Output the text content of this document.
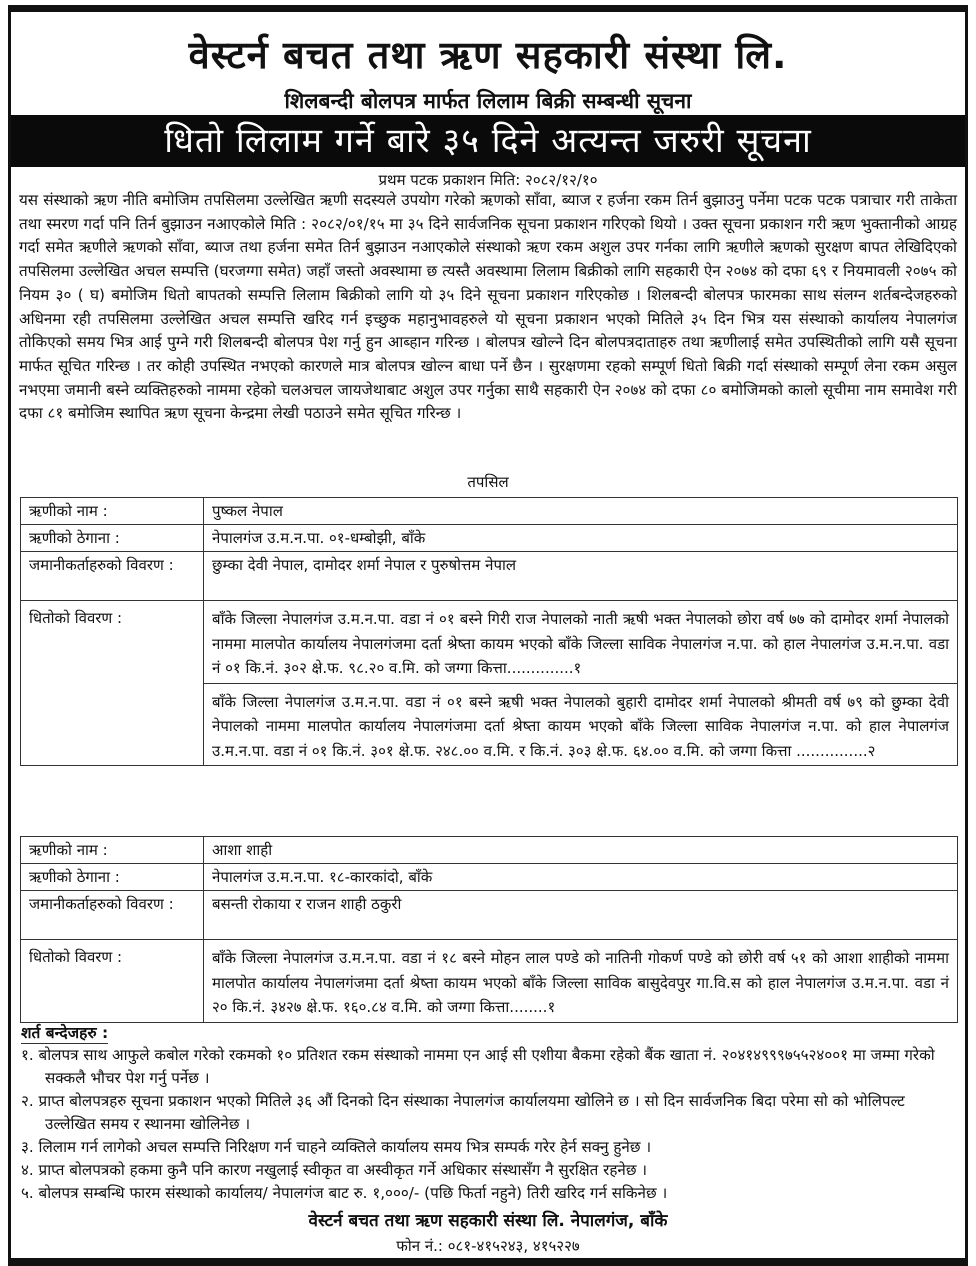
वेस्टर्न बचत तथा ऋण सहकारी संस्था लि.
शिलबन्दी बोलपत्र मार्फत लिलाम बिक्री सम्बन्धी सूचना
धितो लिलाम गर्ने बारे ३५ दिने अत्यन्त जरुरी सूचना
प्रथम पटक प्रकाशन मिति: २०८२/१२/१०
यस संस्थाको ऋण नीति बमोजिम तपसिलमा उल्लेखित ऋणी सदस्यले उपयोग गरेको ऋणको साँवा, ब्याज र हर्जना रकम तिर्न बुझाउनु पर्नेमा पटक पटक पत्राचार गरी ताकेता तथा स्मरण गर्दा पनि तिर्न बुझाउन नआएकोले मिति : २०८२/०१/१५ मा ३५ दिने सार्वजनिक सूचना प्रकाशन गरिएको थियो । उक्त सूचना प्रकाशन गरी ऋण भुक्तानीको आग्रह गर्दा समेत ऋणीले ऋणको साँवा, ब्याज तथा हर्जना समेत तिर्न बुझाउन नआएकोले संस्थाको ऋण रकम अशुल उपर गर्नका लागि ऋणीले ऋणको सुरक्षण बापत लेखिदिएको तपसिलमा उल्लेखित अचल सम्पत्ति (घरजग्गा समेत) जहाँ जस्तो अवस्थामा छ त्यस्तै अवस्थामा लिलाम बिक्रीको लागि सहकारी ऐन २०७४ को दफा ६९ र नियमावली २०७५ को नियम ३० ( घ) बमोजिम धितो बापतको सम्पत्ति लिलाम बिक्रीको लागि यो ३५ दिने सूचना प्रकाशन गरिएकोछ । शिलबन्दी बोलपत्र फारमका साथ संलग्न शर्तबन्देजहरुको अधिनमा रही तपसिलमा उल्लेखित अचल सम्पत्ति खरिद गर्न इच्छुक महानुभावहरुले यो सूचना प्रकाशन भएको मितिले ३५ दिन भित्र यस संस्थाको कार्यालय नेपालगंज तोकिएको समय भित्र आई पुग्ने गरी शिलबन्दी बोलपत्र पेश गर्नु हुन आब्हान गरिन्छ । बोलपत्र खोल्ने दिन बोलपत्रदाताहरु तथा ऋणीलाई समेत उपस्थितीको लागि यसै सूचना मार्फत सूचित गरिन्छ । तर कोही उपस्थित नभएको कारणले मात्र बोलपत्र खोल्न बाधा पर्ने छैन । सुरक्षणमा रहको सम्पूर्ण धितो बिक्री गर्दा संस्थाको सम्पूर्ण लेना रकम असुल नभएमा जमानी बस्ने व्यक्तिहरुको नाममा रहेको चलअचल जायजेथाबाट अशुल उपर गर्नुका साथै सहकारी ऐन २०७४ को दफा ८० बमोजिमको कालो सूचीमा नाम समावेश गरी दफा ८१ बमोजिम स्थापित ऋण सूचना केन्द्रमा लेखी पठाउने समेत सूचित गरिन्छ ।
तपसिल
ऋणीको नाम :	पुष्कल नेपाल
ऋणीको ठेगाना :	नेपालगंज उ.म.न.पा. ०१-धम्बोझी, बाँके
जमानीकर्ताहरुको विवरण :	छुम्का देवी नेपाल, दामोदर शर्मा नेपाल र पुरुषोत्तम नेपाल
धितोको विवरण :	बाँके जिल्ला नेपालगंज उ.म.न.पा. वडा नं ०१ बस्ने गिरी राज नेपालको नाती ऋषी भक्त नेपालको छोरा वर्ष ७७ को दामोदर शर्मा नेपालको नाममा मालपोत कार्यालय नेपालगंजमा दर्ता श्रेष्ता कायम भएको बाँके जिल्ला साविक नेपालगंज न.पा. को हाल नेपालगंज उ.म.न.पा. वडा नं ०१ कि.नं. ३०२ क्षे.फ. ९८.२० व.मि. को जग्गा कित्ता..............१
	बाँके जिल्ला नेपालगंज उ.म.न.पा. वडा नं ०१ बस्ने ऋषी भक्त नेपालको बुहारी दामोदर शर्मा नेपालको श्रीमती वर्ष ७९ को छुम्का देवी नेपालको नाममा मालपोत कार्यालय नेपालगंजमा दर्ता श्रेष्ता कायम भएको बाँके जिल्ला साविक नेपालगंज न.पा. को हाल नेपालगंज उ.म.न.पा. वडा नं ०१ कि.नं. ३०१ क्षे.फ. २४८.०० व.मि. र कि.नं. ३०३ क्षे.फ. ६४.०० व.मि. को जग्गा कित्ता ...............२
ऋणीको नाम :	आशा शाही
ऋणीको ठेगाना :	नेपालगंज उ.म.न.पा. १८-कारकांदो, बाँके
जमानीकर्ताहरुको विवरण :	बसन्ती रोकाया र राजन शाही ठकुरी
धितोको विवरण :	बाँके जिल्ला नेपालगंज उ.म.न.पा. वडा नं १८ बस्ने मोहन लाल पण्डे को नातिनी गोकर्ण पण्डे को छोरी वर्ष ५१ को आशा शाहीको नाममा मालपोत कार्यालय नेपालगंजमा दर्ता श्रेष्ता कायम भएको बाँके जिल्ला साविक बासुदेवपुर गा.वि.स को हाल नेपालगंज उ.म.न.पा. वडा नं २० कि.नं. ३४२७ क्षे.फ. १६०.८४ व.मि. को जग्गा कित्ता........१
शर्त बन्देजहरु :
१. बोलपत्र साथ आफुले कबोल गरेको रकमको १० प्रतिशत रकम संस्थाको नाममा एन आई सी एशीया बैकमा रहेको बैंक खाता नं. २०४१४९९९७५५२४००१ मा जम्मा गरेको सक्कलै भौचर पेश गर्नु पर्नेछ ।
२. प्राप्त बोलपत्रहरु सूचना प्रकाशन भएको मितिले ३६ औं दिनको दिन संस्थाका नेपालगंज कार्यालयमा खोलिने छ । सो दिन सार्वजनिक बिदा परेमा सो को भोलिपल्ट उल्लेखित समय र स्थानमा खोलिनेछ ।
३. लिलाम गर्न लागेको अचल सम्पत्ति निरिक्षण गर्न चाहने व्यक्तिले कार्यालय समय भित्र सम्पर्क गरेर हेर्न सक्नु हुनेछ ।
४. प्राप्त बोलपत्रको हकमा कुनै पनि कारण नखुलाई स्वीकृत वा अस्वीकृत गर्ने अधिकार संस्थासँग नै सुरक्षित रहनेछ ।
५. बोलपत्र सम्बन्धि फारम संस्थाको कार्यालय/ नेपालगंज बाट रु. १,०००/- (पछि फिर्ता नहुने) तिरी खरिद गर्न सकिनेछ ।
वेस्टर्न बचत तथा ऋण सहकारी संस्था लि. नेपालगंज, बाँके
फोन नं.: ०८१-४१५२४३, ४१५२२७
